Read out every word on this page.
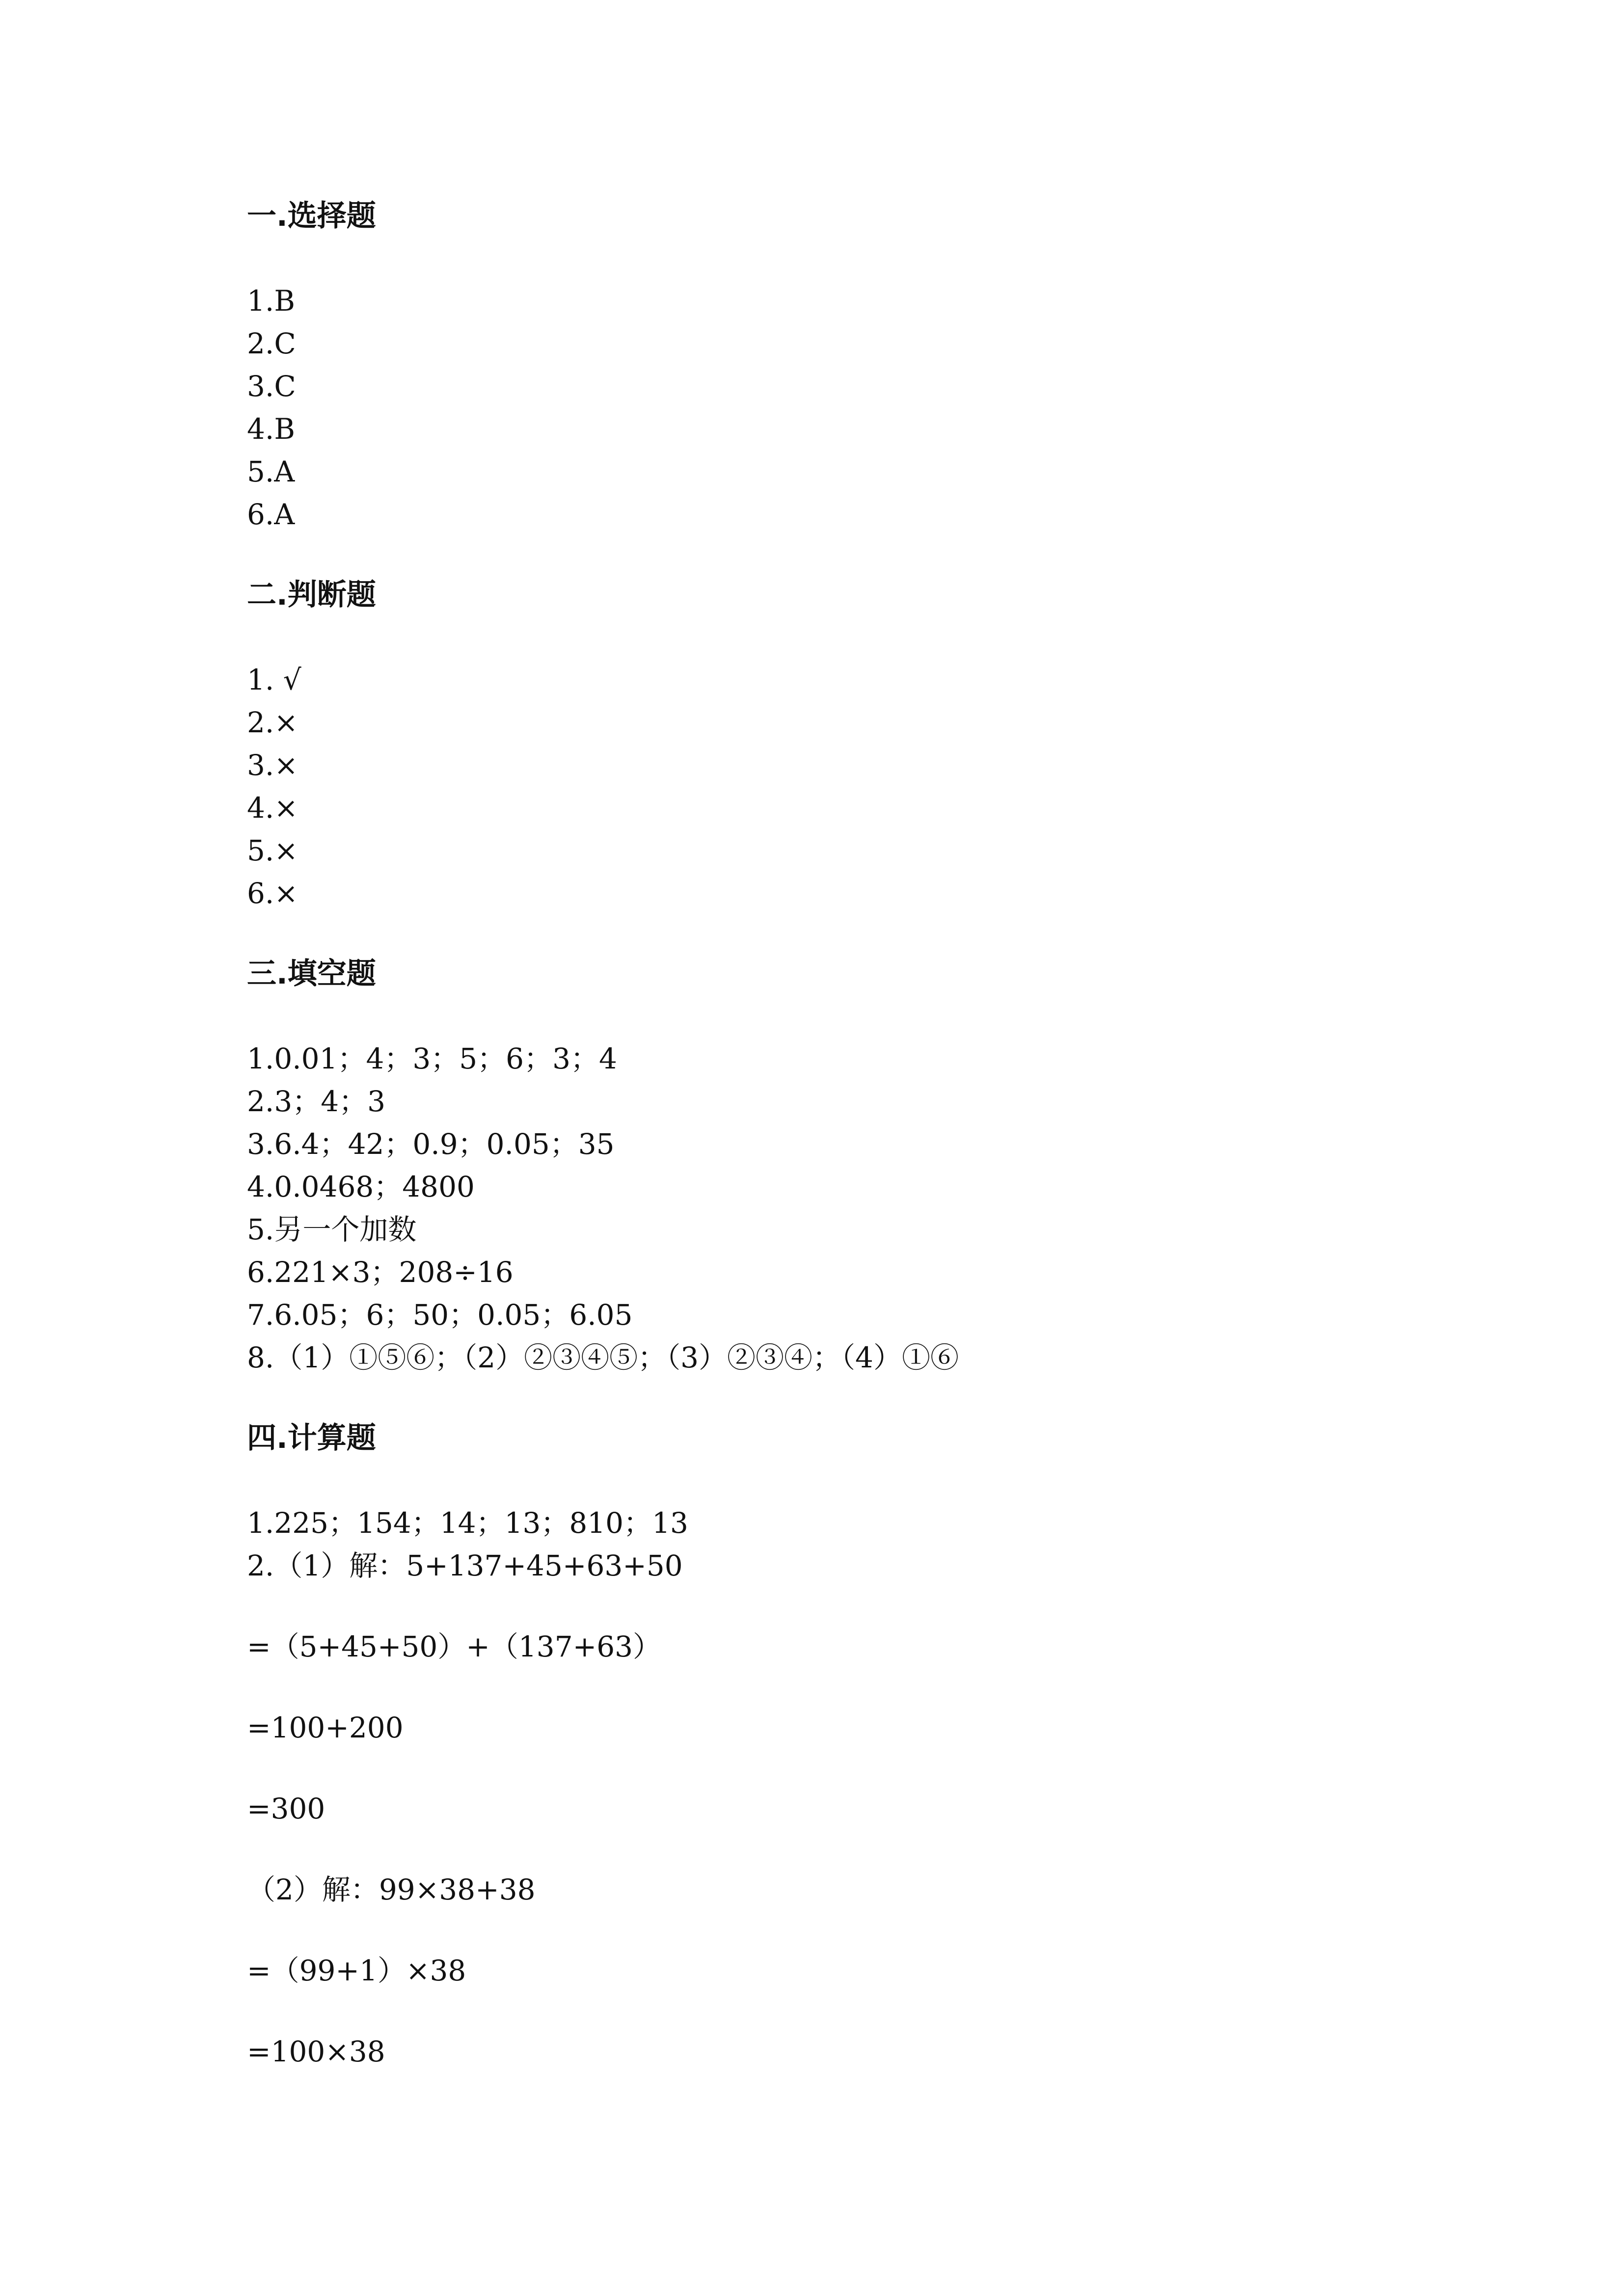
一.选择题
1.B
2.C
3.C
4.B
5.A
6.A
二.判断题
1. √
2.×
3.×
4.×
5.×
6.×
三.填空题
1.0.01；4；3；5；6；3；4
2.3；4；3
3.6.4；42；0.9；0.05；35
4.0.0468；4800
5.另一个加数
6.221×3；208÷16
7.6.05；6；50；0.05；6.05
8.（1）①⑤⑥；（2）②③④⑤；（3）②③④；（4）①⑥
四.计算题
1.225；154；14；13；810；13
2.（1）解：5+137+45+63+50
=（5+45+50）+（137+63）
=100+200
=300
（2）解：99×38+38
=（99+1）×38
=100×38
